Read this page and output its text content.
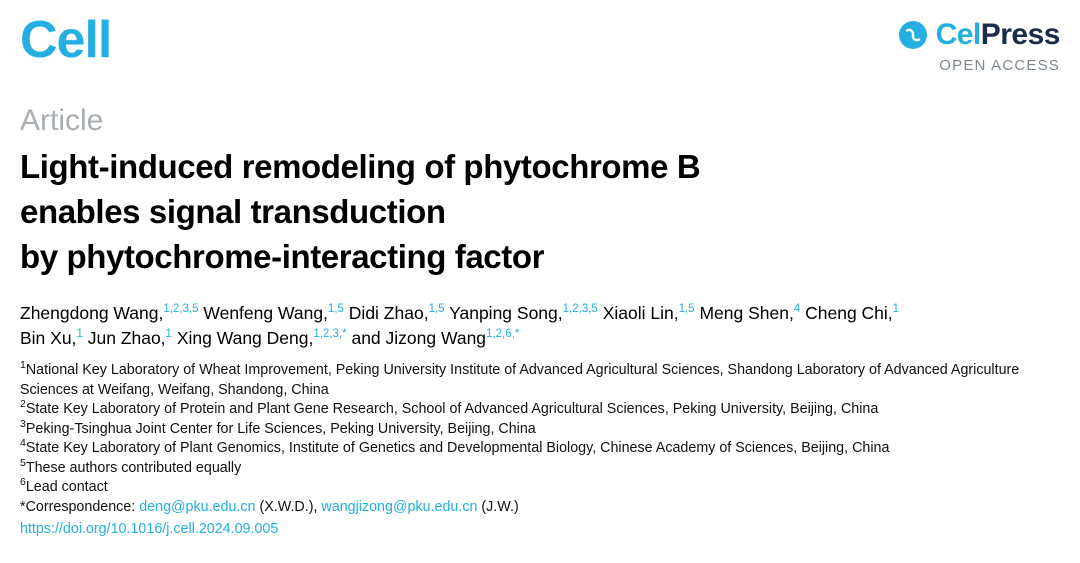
Cell	CelPress
OPEN ACCESS
Article
Light-induced remodeling of phytochrome B
enables signal transduction
by phytochrome-interacting factor
Zhengdong Wang,$^{1,2,3,5}$ Wenfeng Wang,$^{1,5}$ Didi Zhao,$^{1,5}$ Yanping Song,$^{1,2,3,5}$ Xiaoli Lin,$^{1,5}$ Meng Shen,$^4$ Cheng Chi,$^1$
Bin Xu,$^1$ Jun Zhao,$^1$ Xing Wang Deng,$^{1,2,3,*}$ and Jizong Wang$^{1,2,6,*}$
$^1$National Key Laboratory of Wheat Improvement, Peking University Institute of Advanced Agricultural Sciences, Shandong Laboratory of Advanced Agriculture Sciences at Weifang, Weifang, Shandong, China
$^2$State Key Laboratory of Protein and Plant Gene Research, School of Advanced Agricultural Sciences, Peking University, Beijing, China
$^3$Peking-Tsinghua Joint Center for Life Sciences, Peking University, Beijing, China
$^4$State Key Laboratory of Plant Genomics, Institute of Genetics and Developmental Biology, Chinese Academy of Sciences, Beijing, China
$^5$These authors contributed equally
$^6$Lead contact
*Correspondence: deng@pku.edu.cn (X.W.D.), wangjizong@pku.edu.cn (J.W.)
https://doi.org/10.1016/j.cell.2024.09.005
